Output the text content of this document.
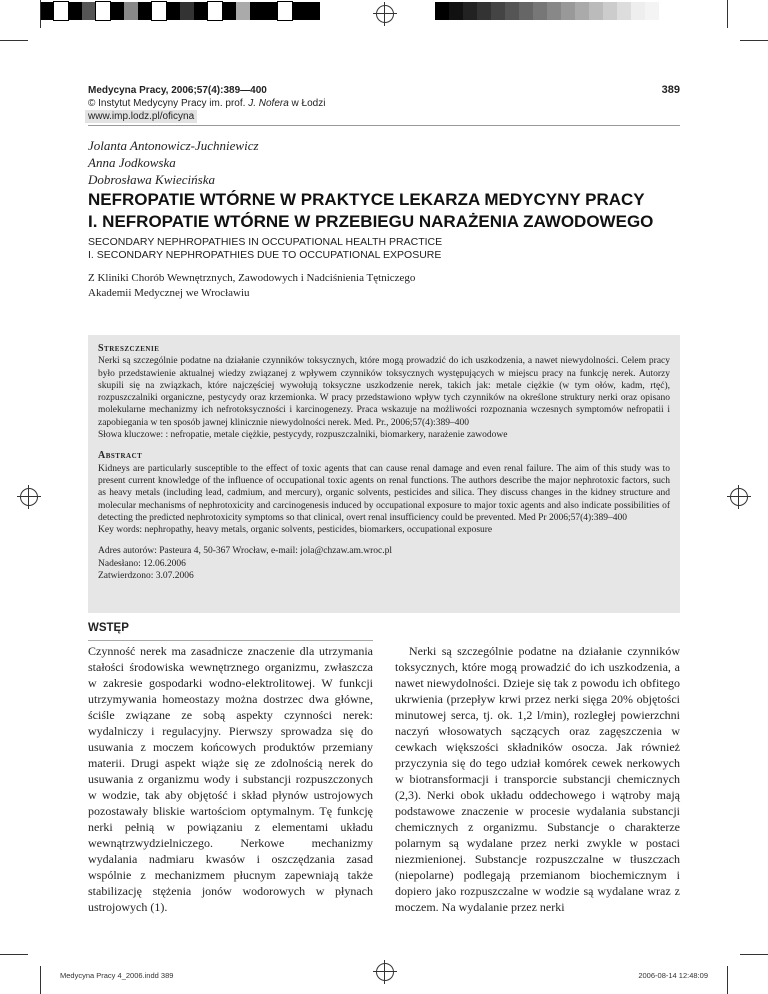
Medycyna Pracy, 2006;57(4):389—400
© Instytut Medycyny Pracy im. prof. J. Nofera w Łodzi
www.imp.lodz.pl/oficyna
389
Jolanta Antonowicz-Juchniewicz
Anna Jodkowska
Dobrosława Kwiecińska
NEFROPATIE WTÓRNE W PRAKTYCE LEKARZA MEDYCYNY PRACY
I. NEFROPATIE WTÓRNE W PRZEBIEGU NARAŻENIA ZAWODOWEGO
SECONDARY NEPHROPATHIES IN OCCUPATIONAL HEALTH PRACTICE
I. SECONDARY NEPHROPATHIES DUE TO OCCUPATIONAL EXPOSURE
Z Kliniki Chorób Wewnętrznych, Zawodowych i Nadciśnienia Tętniczego
Akademii Medycznej we Wrocławiu
Streszczenie

Nerki są szczególnie podatne na działanie czynników toksycznych, które mogą prowadzić do ich uszkodzenia, a nawet niewydolności. Celem pracy było przedstawienie aktualnej wiedzy związanej z wpływem czynników toksycznych występujących w miejscu pracy na funkcję nerek. Autorzy skupili się na związkach, które najczęściej wywołują toksyczne uszkodzenie nerek, takich jak: metale ciężkie (w tym ołów, kadm, rtęć), rozpuszczalniki organiczne, pestycydy oraz krzemionka. W pracy przedstawiono wpływ tych czynników na określone struktury nerki oraz opisano molekularne mechanizmy ich nefrotoksyczności i karcinogenezy. Praca wskazuje na możliwości rozpoznania wczesnych symptomów nefropatii i zapobiegania w ten sposób jawnej klinicznie niewydolności nerek. Med. Pr., 2006;57(4):389–400

Słowa kluczowe: : nefropatie, metale ciężkie, pestycydy, rozpuszczalniki, biomarkery, narażenie zawodowe

Abstract

Kidneys are particularly susceptible to the effect of toxic agents that can cause renal damage and even renal failure. The aim of this study was to present current knowledge of the influence of occupational toxic agents on renal functions. The authors describe the major nephrotoxic factors, such as heavy metals (including lead, cadmium, and mercury), organic solvents, pesticides and silica. They discuss changes in the kidney structure and molecular mechanisms of nephrotoxicity and carcinogenesis induced by occupational exposure to major toxic agents and also indicate possibilities of detecting the predicted nephrotoxicity symptoms so that clinical, overt renal insufficiency could be prevented. Med Pr 2006;57(4):389–400

Key words: nephropathy, heavy metals, organic solvents, pesticides, biomarkers, occupational exposure

Adres autorów: Pasteura 4, 50-367 Wrocław, e-mail: jola@chzaw.am.wroc.pl

Nadesłano: 12.06.2006

Zatwierdzono: 3.07.2006

WSTĘP

Czynność nerek ma zasadnicze znaczenie dla utrzymania stałości środowiska wewnętrznego organizmu, zwłaszcza w zakresie gospodarki wodno-elektrolitowej. W funkcji utrzymywania homeostazy można dostrzec dwa główne, ściśle związane ze sobą aspekty czynności nerek: wydalniczy i regulacyjny. Pierwszy sprowadza się do usuwania z moczem końcowych produktów przemiany materii. Drugi aspekt wiąże się ze zdolnością nerek do usuwania z organizmu wody i substancji rozpuszczonych w wodzie, tak aby objętość i skład płynów ustrojowych pozostawały bliskie wartościom optymalnym. Tę funkcję nerki pełnią w powiązaniu z elementami układu wewnątrzwydzielniczego. Nerkowe mechanizmy wydalania nadmiaru kwasów i oszczędzania zasad wspólnie z mechanizmem płucnym zapewniają także stabilizację stężenia jonów wodorowych w płynach ustrojowych (1).

Nerki są szczególnie podatne na działanie czynników toksycznych, które mogą prowadzić do ich uszkodzenia, a nawet niewydolności. Dzieje się tak z powodu ich obfitego ukrwienia (przepływ krwi przez nerki sięga 20% objętości minutowej serca, tj. ok. 1,2 l/min), rozległej powierzchni naczyń włosowatych sączących oraz zagęszczenia w cewkach większości składników osocza. Jak również przyczynia się do tego udział komórek cewek nerkowych w biotransformacji i transporcie substancji chemicznych (2,3). Nerki obok układu oddechowego i wątroby mają podstawowe znaczenie w procesie wydalania substancji chemicznych z organizmu. Substancje o charakterze polarnym są wydalane przez nerki zwykle w postaci niezmienionej. Substancje rozpuszczalne w tłuszczach (niepolarne) podlegają przemianom biochemicznym i dopiero jako rozpuszczalne w wodzie są wydalane wraz z moczem. Na wydalanie przez nerki

Medycyna Pracy 4_2006.indd 389	2006-08-14 12:48:09
